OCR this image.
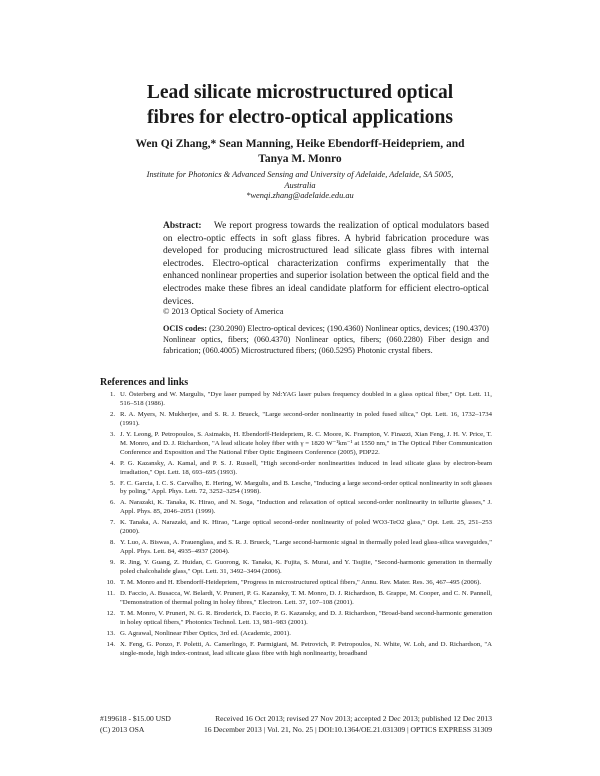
Lead silicate microstructured optical
fibres for electro-optical applications
Wen Qi Zhang,* Sean Manning, Heike Ebendorff-Heidepriem, and
Tanya M. Monro
Institute for Photonics & Advanced Sensing and University of Adelaide, Adelaide, SA 5005,
Australia
*wenqi.zhang@adelaide.edu.au

Abstract: We report progress towards the realization of optical modulators based on electro-optic effects in soft glass fibres. A hybrid fabrication procedure was developed for producing microstructured lead silicate glass fibres with internal electrodes. Electro-optical characterization confirms experimentally that the enhanced nonlinear properties and superior isolation between the optical field and the electrodes make these fibres an ideal candidate platform for efficient electro-optical devices.

© 2013 Optical Society of America

OCIS codes: (230.2090) Electro-optical devices; (190.4360) Nonlinear optics, devices; (190.4370) Nonlinear optics, fibers; (060.4370) Nonlinear optics, fibers; (060.2280) Fiber design and fabrication; (060.4005) Microstructured fibers; (060.5295) Photonic crystal fibers.

References and links
1. U. Österberg and W. Margulis, "Dye laser pumped by Nd:YAG laser pulses frequency doubled in a glass optical fiber," Opt. Lett. 11, 516–518 (1986).
2. R. A. Myers, N. Mukherjee, and S. R. J. Brueck, "Large second-order nonlinearity in poled fused silica," Opt. Lett. 16, 1732–1734 (1991).
3. J. Y. Leong, P. Petropoulos, S. Asimakis, H. Ebendorff-Heidepriem, R. C. Moore, K. Frampton, V. Finazzi, Xian Feng, J. H. V. Price, T. M. Monro, and D. J. Richardson, "A lead silicate holey fiber with γ = 1820 W⁻¹km⁻¹ at 1550 nm," in The Optical Fiber Communication Conference and Exposition and The National Fiber Optic Engineers Conference (2005), PDP22.
4. P. G. Kazansky, A. Kamal, and P. S. J. Russell, "High second-order nonlinearities induced in lead silicate glass by electron-beam irradiation," Opt. Lett. 18, 693–695 (1993).
5. F. C. Garcia, I. C. S. Carvalho, E. Hering, W. Margulis, and B. Lesche, "Inducing a large second-order optical nonlinearity in soft glasses by poling," Appl. Phys. Lett. 72, 3252–3254 (1998).
6. A. Narazaki, K. Tanaka, K. Hirao, and N. Soga, "Induction and relaxation of optical second-order nonlinearity in tellurite glasses," J. Appl. Phys. 85, 2046–2051 (1999).
7. K. Tanaka, A. Narazaki, and K. Hirao, "Large optical second-order nonlinearity of poled WO3-TeO2 glass," Opt. Lett. 25, 251–253 (2000).
8. Y. Luo, A. Biswas, A. Frauenglass, and S. R. J. Brueck, "Large second-harmonic signal in thermally poled lead glass-silica waveguides," Appl. Phys. Lett. 84, 4935–4937 (2004).
9. R. Jing, Y. Guang, Z. Huidan, C. Guorong, K. Tanaka, K. Fujita, S. Murai, and Y. Tsujiie, "Second-harmonic generation in thermally poled chalcohalide glass," Opt. Lett. 31, 3492–3494 (2006).
10. T. M. Monro and H. Ebendorff-Heidepriem, "Progress in microstructured optical fibers," Annu. Rev. Mater. Res. 36, 467–495 (2006).
11. D. Faccio, A. Busacca, W. Belardi, V. Pruneri, P. G. Kazansky, T. M. Monro, D. J. Richardson, B. Grappe, M. Cooper, and C. N. Pannell, "Demonstration of thermal poling in holey fibres," Electron. Lett. 37, 107–108 (2001).
12. T. M. Monro, V. Pruneri, N. G. R. Broderick, D. Faccio, P. G. Kazansky, and D. J. Richardson, "Broad-band second-harmonic generation in holey optical fibers," Photonics Technol. Lett. 13, 981–983 (2001).
13. G. Agrawal, Nonlinear Fiber Optics, 3rd ed. (Academic, 2001).
14. X. Feng, G. Ponzo, F. Poletti, A. Camerlingo, F. Parmigiani, M. Petrovich, P. Petropoulos, N. White, W. Loh, and D. Richardson, "A single-mode, high index-contrast, lead silicate glass fibre with high nonlinearity, broadband
#199618 - $15.00 USD	Received 16 Oct 2013; revised 27 Nov 2013; accepted 2 Dec 2013; published 12 Dec 2013
(C) 2013 OSA	16 December 2013 | Vol. 21, No. 25 | DOI:10.1364/OE.21.031309 | OPTICS EXPRESS 31309
